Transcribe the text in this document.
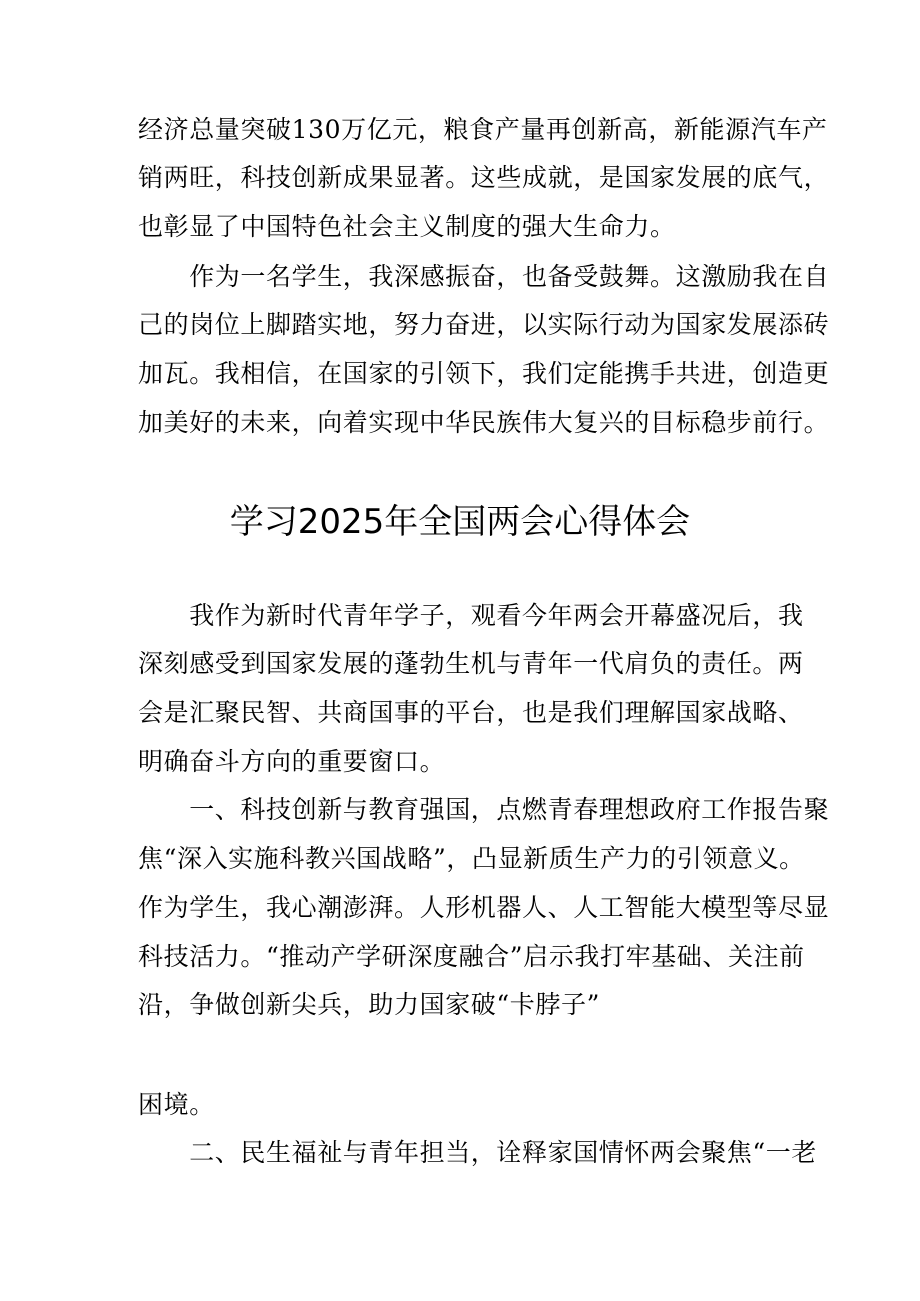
经济总量突破130万亿元，粮食产量再创新高，新能源汽车产
销两旺，科技创新成果显著。这些成就，是国家发展的底气，
也彰显了中国特色社会主义制度的强大生命力。
　　作为一名学生，我深感振奋，也备受鼓舞。这激励我在自
己的岗位上脚踏实地，努力奋进，以实际行动为国家发展添砖
加瓦。我相信，在国家的引领下，我们定能携手共进，创造更
加美好的未来，向着实现中华民族伟大复兴的目标稳步前行。
学习2025年全国两会心得体会
　　我作为新时代青年学子，观看今年两会开幕盛况后，我
深刻感受到国家发展的蓬勃生机与青年一代肩负的责任。两
会是汇聚民智、共商国事的平台，也是我们理解国家战略、
明确奋斗方向的重要窗口。
　　一、科技创新与教育强国，点燃青春理想政府工作报告聚
焦“深入实施科教兴国战略”，凸显新质生产力的引领意义。
作为学生，我心潮澎湃。人形机器人、人工智能大模型等尽显
科技活力。“推动产学研深度融合”启示我打牢基础、关注前
沿，争做创新尖兵，助力国家破“卡脖子”
困境。
　　二、民生福祉与青年担当，诠释家国情怀两会聚焦“一老
